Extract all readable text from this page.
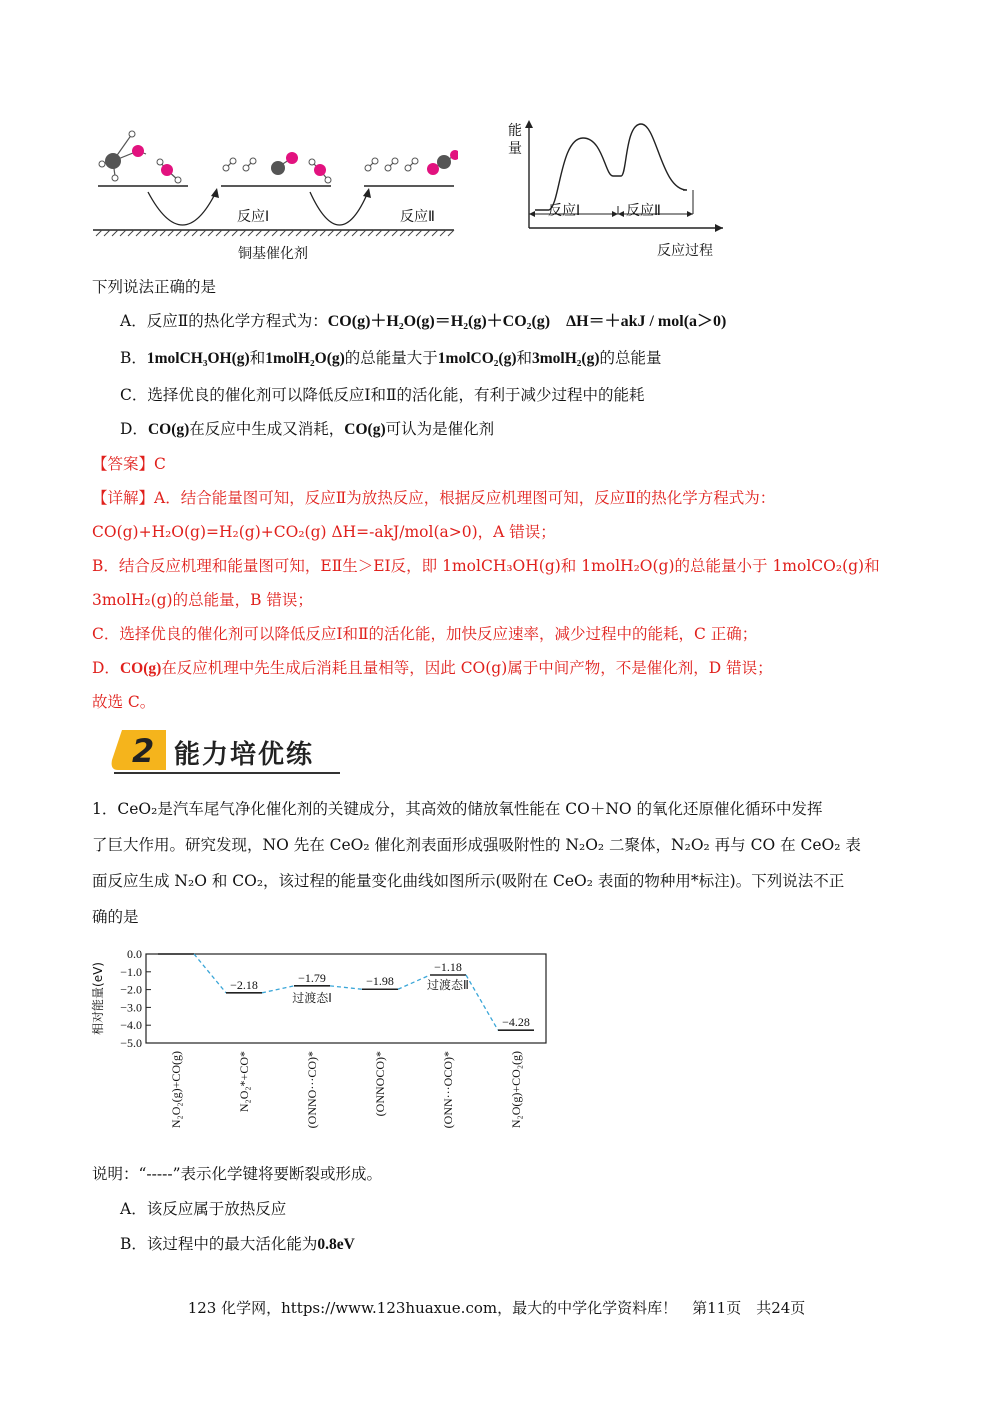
反应Ⅰ	反应Ⅱ
铜基催化剂
能量
反应Ⅰ	反应Ⅱ
反应过程
下列说法正确的是
A．反应Ⅱ的热化学方程式为：CO(g)＋H₂O(g)＝H₂(g)＋CO₂(g)　ΔH＝＋akJ / mol(a＞0)
B．1molCH₃OH(g)和1molH₂O(g)的总能量大于1molCO₂(g)和3molH₂(g)的总能量
C．选择优良的催化剂可以降低反应Ⅰ和Ⅱ的活化能，有利于减少过程中的能耗
D．CO(g)在反应中生成又消耗，CO(g)可认为是催化剂
【答案】C
【详解】A．结合能量图可知，反应Ⅱ为放热反应，根据反应机理图可知，反应Ⅱ的热化学方程式为：
CO(g)+H₂O(g)=H₂(g)+CO₂(g) ΔH=-akJ/mol(a>0)，A 错误；
B．结合反应机理和能量图可知，EⅡ生＞EⅠ反，即 1molCH₃OH(g)和 1molH₂O(g)的总能量小于 1molCO₂(g)和
3molH₂(g)的总能量，B 错误；
C．选择优良的催化剂可以降低反应Ⅰ和Ⅱ的活化能，加快反应速率，减少过程中的能耗，C 正确；
D．CO(g)在反应机理中先生成后消耗且量相等，因此 CO(g)属于中间产物，不是催化剂，D 错误；
故选 C。
2 能力培优练
1．CeO₂是汽车尾气净化催化剂的关键成分，其高效的储放氧性能在 CO＋NO 的氧化还原催化循环中发挥
了巨大作用。研究发现，NO 先在 CeO₂ 催化剂表面形成强吸附性的 N₂O₂ 二聚体，N₂O₂ 再与 CO 在 CeO₂ 表
面反应生成 N₂O 和 CO₂，该过程的能量变化曲线如图所示(吸附在 CeO₂ 表面的物种用*标注)。下列说法不正
确的是
0.0
−1.0
−2.0
−3.0
−4.0
−5.0
相对能量(eV)
N₂O₂(g)+CO(g)
−2.18
N₂O₂*+CO*
−1.79
(ONNO···CO)*
−1.98
(ONNOCO)*
−1.18
(ONN···OCO)*
−4.28
N₂O(g)+CO₂(g)
过渡态Ⅰ
过渡态Ⅱ
说明：“-----”表示化学键将要断裂或形成。
A．该反应属于放热反应
B．该过程中的最大活化能为0.8eV
123 化学网，https://www.123huaxue.com，最大的中学化学资料库！　第11页　共24页
